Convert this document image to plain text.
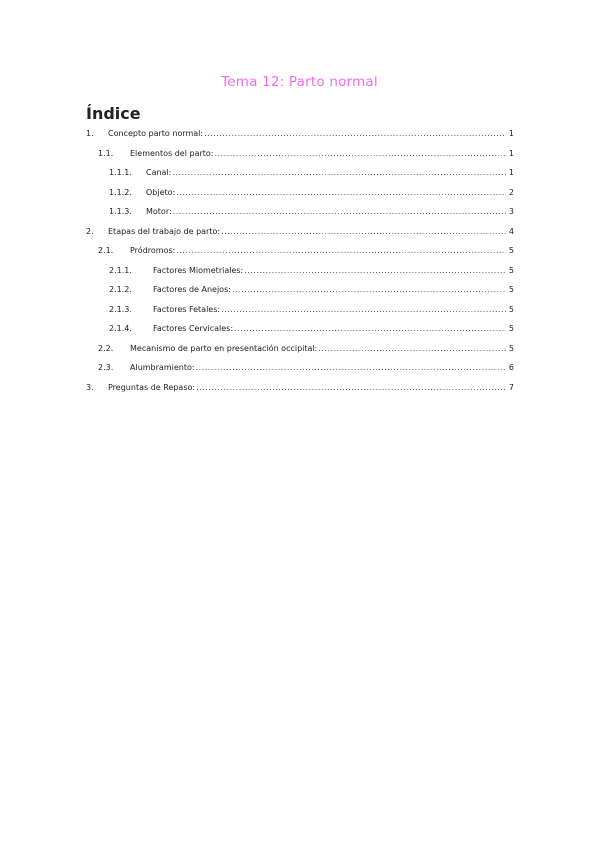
Tema 12: Parto normal
Índice
1.	Concepto parto normal: .....	1
1.1.	Elementos del parto: .....	1
1.1.1.	Canal: .....	1
1.1.2.	Objeto: .....	2
1.1.3.	Motor: .....	3
2.	Etapas del trabajo de parto: .....	4
2.1.	Pródromos: .....	5
2.1.1.	Factores Miometriales: .....	5
2.1.2.	Factores de Anejos: .....	5
2.1.3.	Factores Fetales: .....	5
2.1.4.	Factores Cervicales: .....	5
2.2.	Mecanismo de parto en presentación occipital: .....	5
2.3.	Alumbramiento: .....	6
3.	Preguntas de Repaso: .....	7
